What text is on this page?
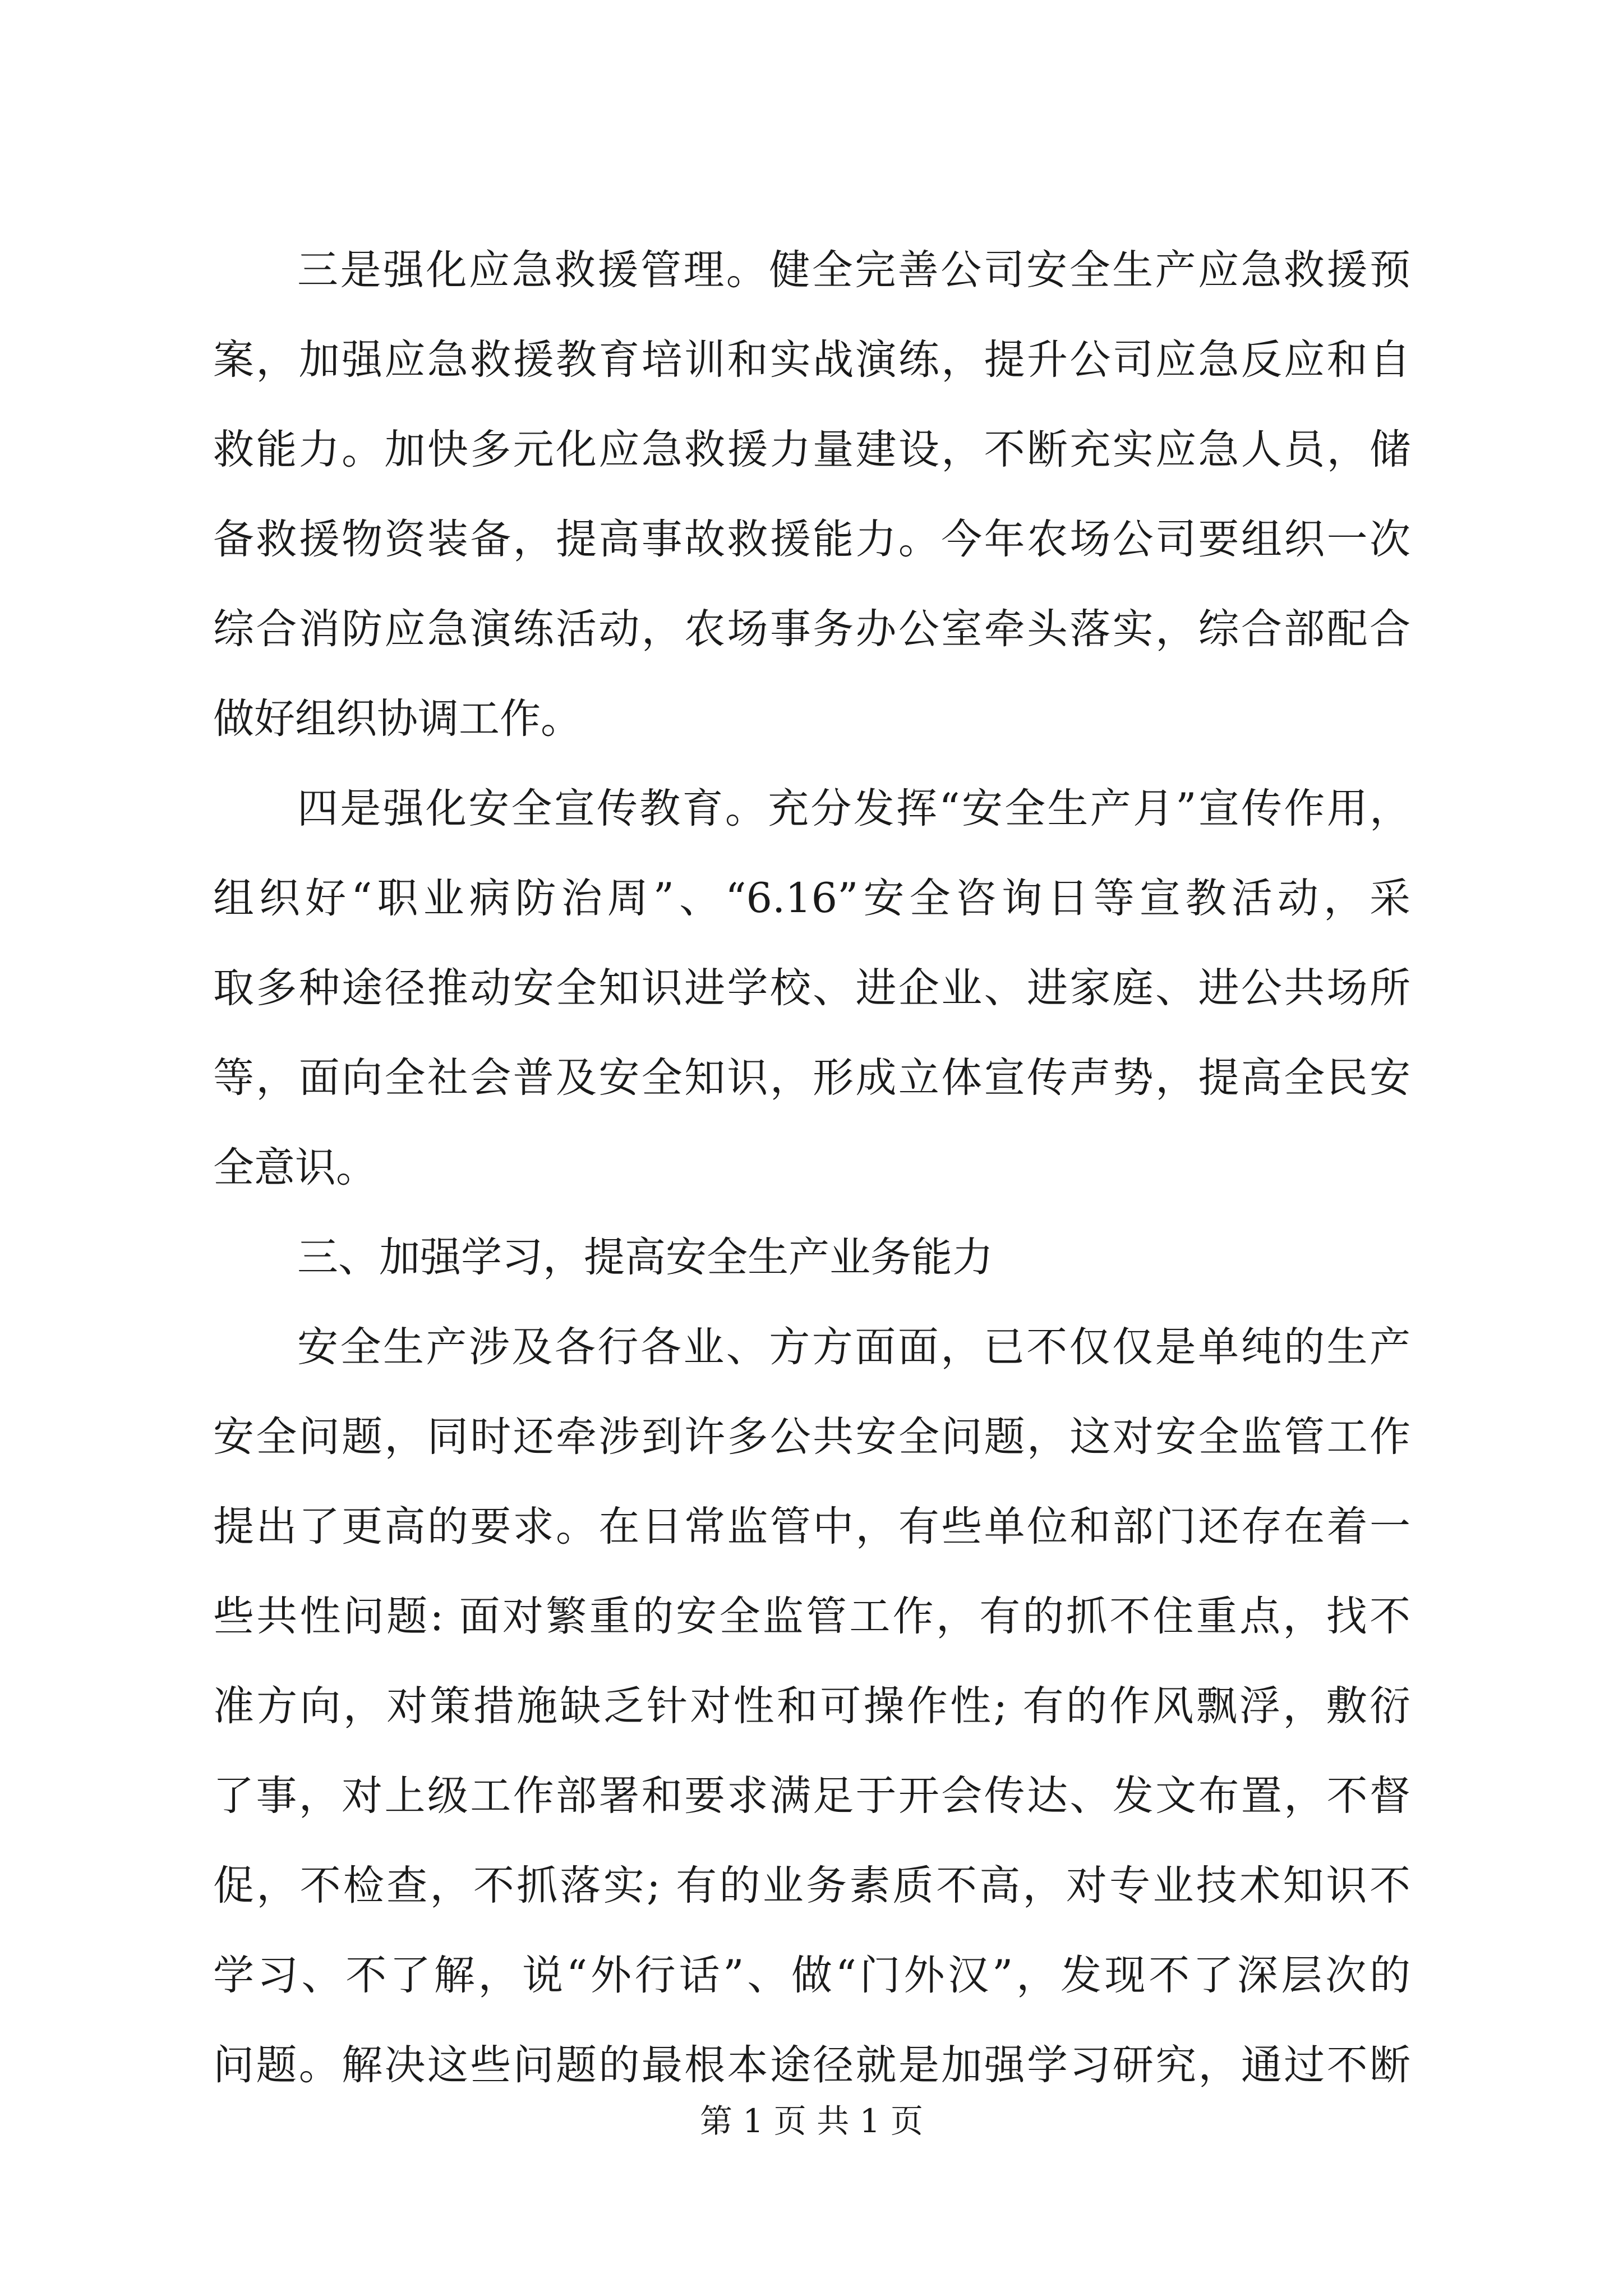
三是强化应急救援管理。健全完善公司安全生产应急救援预
案，加强应急救援教育培训和实战演练，提升公司应急反应和自
救能力。加快多元化应急救援力量建设，不断充实应急人员，储
备救援物资装备，提高事故救援能力。今年农场公司要组织一次
综合消防应急演练活动，农场事务办公室牵头落实，综合部配合
做好组织协调工作。
四是强化安全宣传教育。充分发挥“安全生产月”宣传作用，
组织好“职业病防治周”、“6.16”安全咨询日等宣教活动，采
取多种途径推动安全知识进学校、进企业、进家庭、进公共场所
等，面向全社会普及安全知识，形成立体宣传声势，提高全民安
全意识。
三、加强学习，提高安全生产业务能力
安全生产涉及各行各业、方方面面，已不仅仅是单纯的生产
安全问题，同时还牵涉到许多公共安全问题，这对安全监管工作
提出了更高的要求。在日常监管中，有些单位和部门还存在着一
些共性问题: 面对繁重的安全监管工作，有的抓不住重点，找不
准方向，对策措施缺乏针对性和可操作性; 有的作风飘浮，敷衍
了事，对上级工作部署和要求满足于开会传达、发文布置，不督
促，不检查，不抓落实; 有的业务素质不高，对专业技术知识不
学习、不了解，说“外行话”、做“门外汉”，发现不了深层次的
问题。解决这些问题的最根本途径就是加强学习研究，通过不断
第 1 页 共 1 页
